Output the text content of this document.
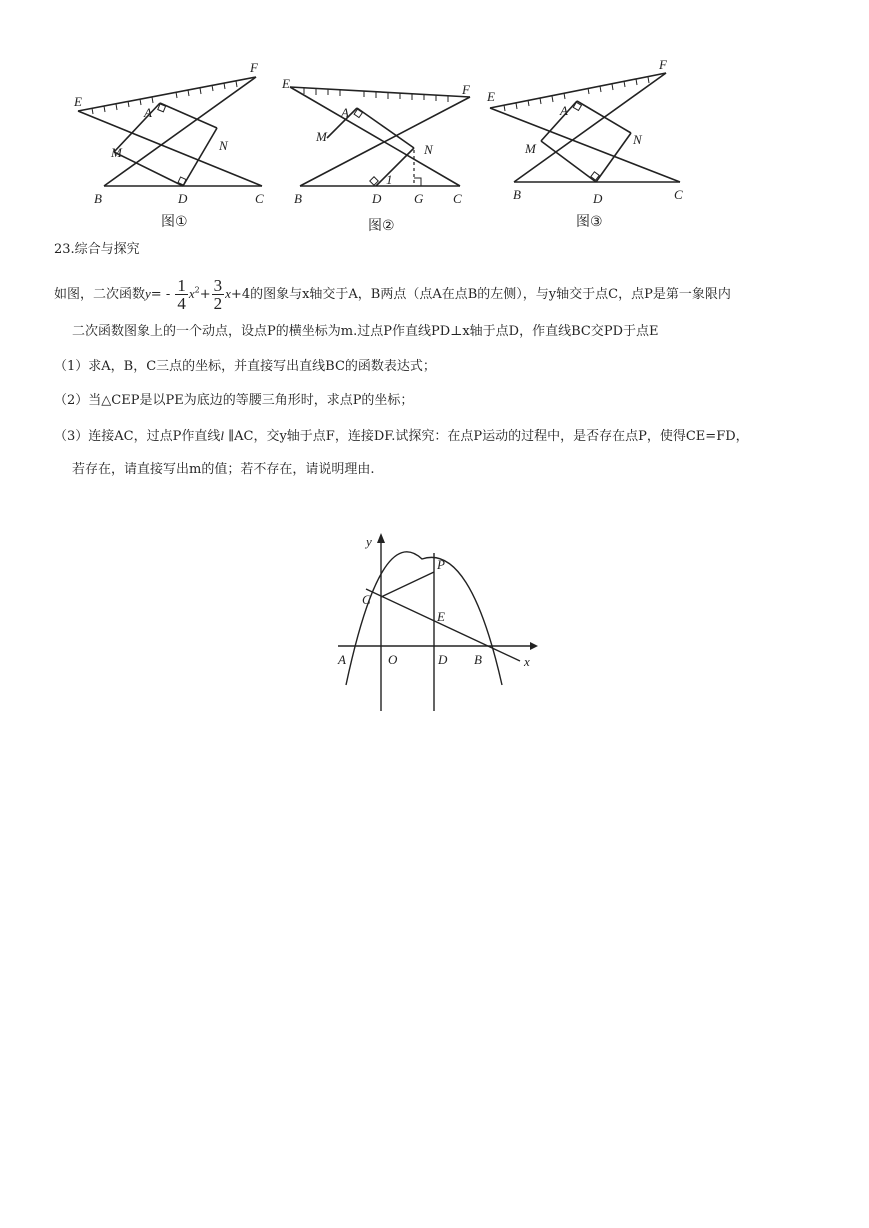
E
F
A
M	N
B	D	C
图①
E	F
A
M
N
1
B	D	G C
图②
E
F
A
M
N
B	D	C
图③
23.综合与探究
如图，二次函数$y= - \frac{1}{4} x^2+ \frac{3}{2} x+4$的图象与x轴交于A，B两点（点A在点B的左侧），与y轴交于点C，点P是第一象限内
二次函数图象上的一个动点，设点P的横坐标为m.过点P作直线PD⊥x轴于点D，作直线BC交PD于点E
（1）求A，B，C三点的坐标，并直接写出直线BC的函数表达式；
（2）当△CEP是以PE为底边的等腰三角形时，求点P的坐标；
（3）连接AC，过点P作直线l ∥AC，交y轴于点F，连接DF.试探究：在点P运动的过程中，是否存在点P，使得CE=FD，
若存在，请直接写出m的值；若不存在，请说明理由.
y
x
P
C
E
A	O	D B
